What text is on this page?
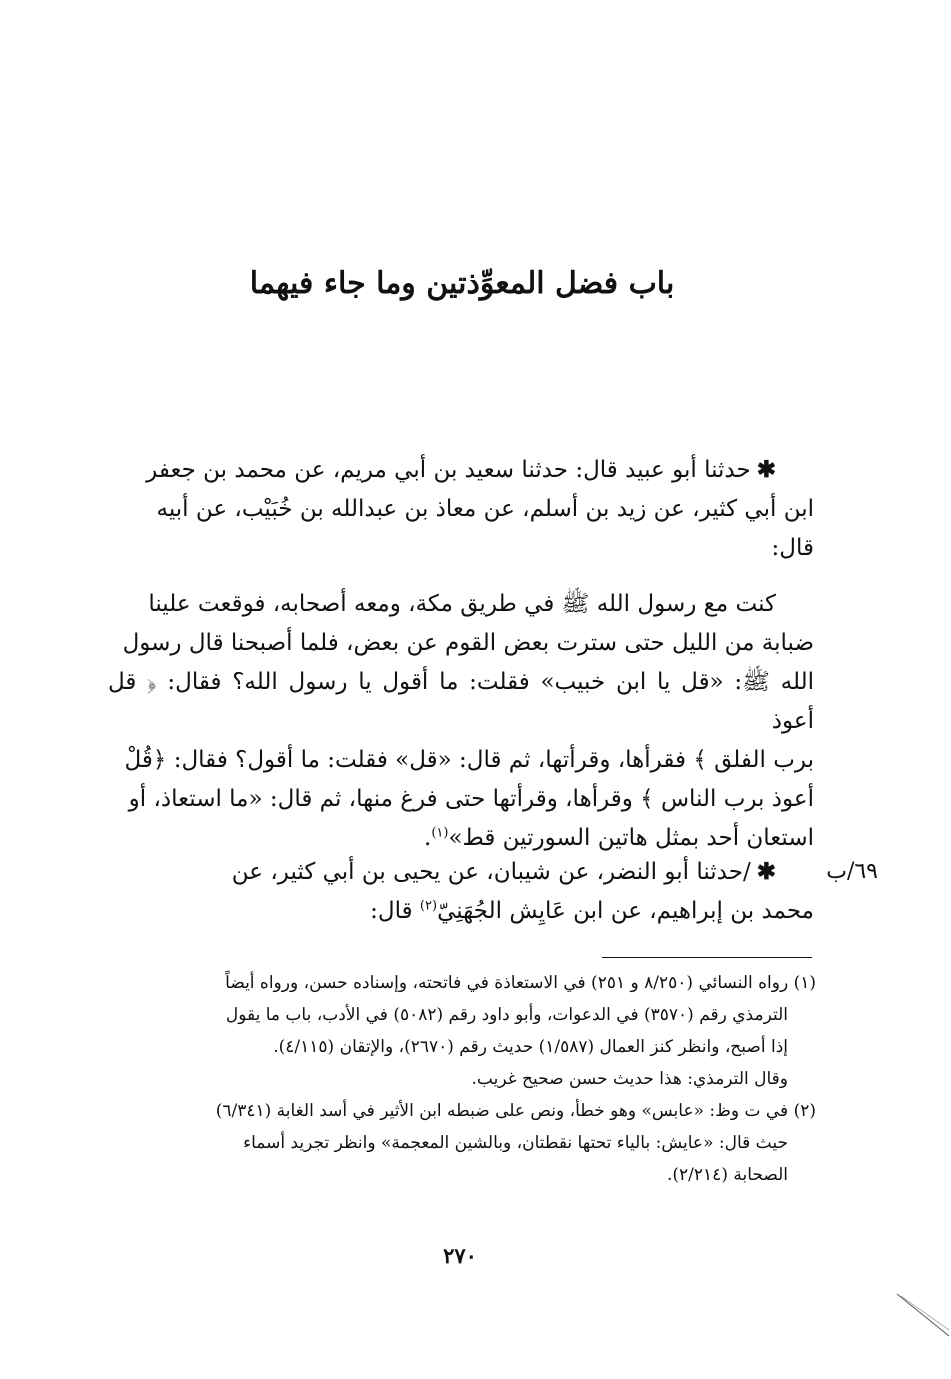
باب فضل المعوِّذتين وما جاء فيهما
✱حدثنا أبو عبيد قال: حدثنا سعيد بن أبي مريم، عن محمد بن جعفر
ابن أبي كثير، عن زيد بن أسلم، عن معاذ بن عبدالله بن خُبَيْب، عن أبيه
قال:
كنت مع رسول الله ﷺ في طريق مكة، ومعه أصحابه، فوقعت علينا
ضبابة من الليل حتى سترت بعض القوم عن بعض، فلما أصبحنا قال رسول
الله ﷺ: «قل يا ابن خبيب» فقلت: ما أقول يا رسول الله؟ فقال: ﴿ قل أعوذ
برب الفلق ﴾ فقرأها، وقرأتها، ثم قال: «قل» فقلت: ما أقول؟ فقال: ﴿قُلْ
أعوذ برب الناس ﴾ وقرأها، وقرأتها حتى فرغ منها، ثم قال: «ما استعاذ، أو
استعان أحد بمثل هاتين السورتين قط»$^{(١)}$.
٦٩/ب
✱/حدثنا أبو النضر، عن شيبان، عن يحيى بن أبي كثير، عن
محمد بن إبراهيم، عن ابن عَايِش الجُهَنِيّ$^{(٢)}$ قال:
(١) رواه النسائي (٨/٢٥٠ و ٢٥١) في الاستعاذة في فاتحته، وإسناده حسن، ورواه أيضاً
الترمذي رقم (٣٥٧٠) في الدعوات، وأبو داود رقم (٥٠٨٢) في الأدب، باب ما يقول
إذا أصبح، وانظر كنز العمال (١/٥٨٧) حديث رقم (٢٦٧٠)، والإتقان (٤/١١٥).
وقال الترمذي: هذا حديث حسن صحيح غريب.
(٢) في ت وظ: «عابس» وهو خطأ، ونص على ضبطه ابن الأثير في أسد الغابة (٦/٣٤١)
حيث قال: «عايش: بالياء تحتها نقطتان، وبالشين المعجمة» وانظر تجريد أسماء
الصحابة (٢/٢١٤).
٢٧٠
